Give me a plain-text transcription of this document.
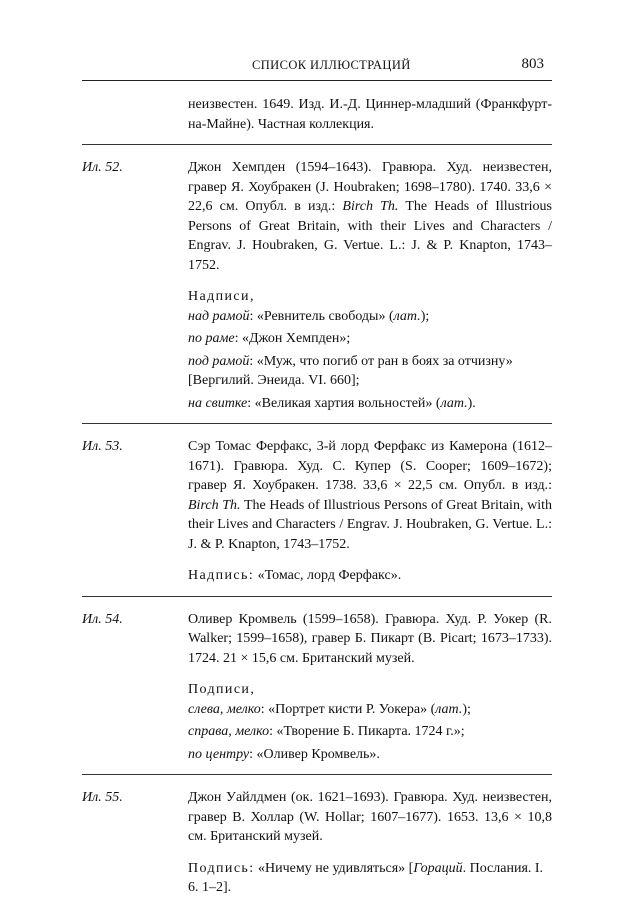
СПИСОК ИЛЛЮСТРАЦИЙ	803
неизвестен. 1649. Изд. И.-Д. Циннер-младший (Франкфурт-на-Майне). Частная коллекция.
Ил. 52.	Джон Хемпден (1594–1643). Гравюра. Худ. неизвестен, гравер Я. Хоубракен (J. Houbraken; 1698–1780). 1740. 33,6 × 22,6 см. Опубл. в изд.: Birch Th. The Heads of Illustrious Persons of Great Britain, with their Lives and Characters / Engrav. J. Houbraken, G. Vertue. L.: J. & P. Knapton, 1743–1752.
Надписи,
над рамой: «Ревнитель свободы» (лат.);
по раме: «Джон Хемпден»;
под рамой: «Муж, что погиб от ран в боях за отчизну» [Вергилий. Энеида. VI. 660];
на свитке: «Великая хартия вольностей» (лат.).
Ил. 53.	Сэр Томас Ферфакс, 3-й лорд Ферфакс из Камерона (1612–1671). Гравюра. Худ. С. Купер (S. Cooper; 1609–1672); гравер Я. Хоубракен. 1738. 33,6 × 22,5 см. Опубл. в изд.: Birch Th. The Heads of Illustrious Persons of Great Britain, with their Lives and Characters / Engrav. J. Houbraken, G. Vertue. L.: J. & P. Knapton, 1743–1752.
Надпись: «Томас, лорд Ферфакс».
Ил. 54.	Оливер Кромвель (1599–1658). Гравюра. Худ. Р. Уокер (R. Walker; 1599–1658), гравер Б. Пикарт (B. Picart; 1673–1733). 1724. 21 × 15,6 см. Британский музей.
Подписи,
слева, мелко: «Портрет кисти Р. Уокера» (лат.);
справа, мелко: «Творение Б. Пикарта. 1724 г.»;
по центру: «Оливер Кромвель».
Ил. 55.	Джон Уайлдмен (ок. 1621–1693). Гравюра. Худ. неизвестен, гравер В. Холлар (W. Hollar; 1607–1677). 1653. 13,6 × 10,8 см. Британский музей.
Подпись: «Ничему не удивляться» [Гораций. Послания. I. 6. 1–2].
